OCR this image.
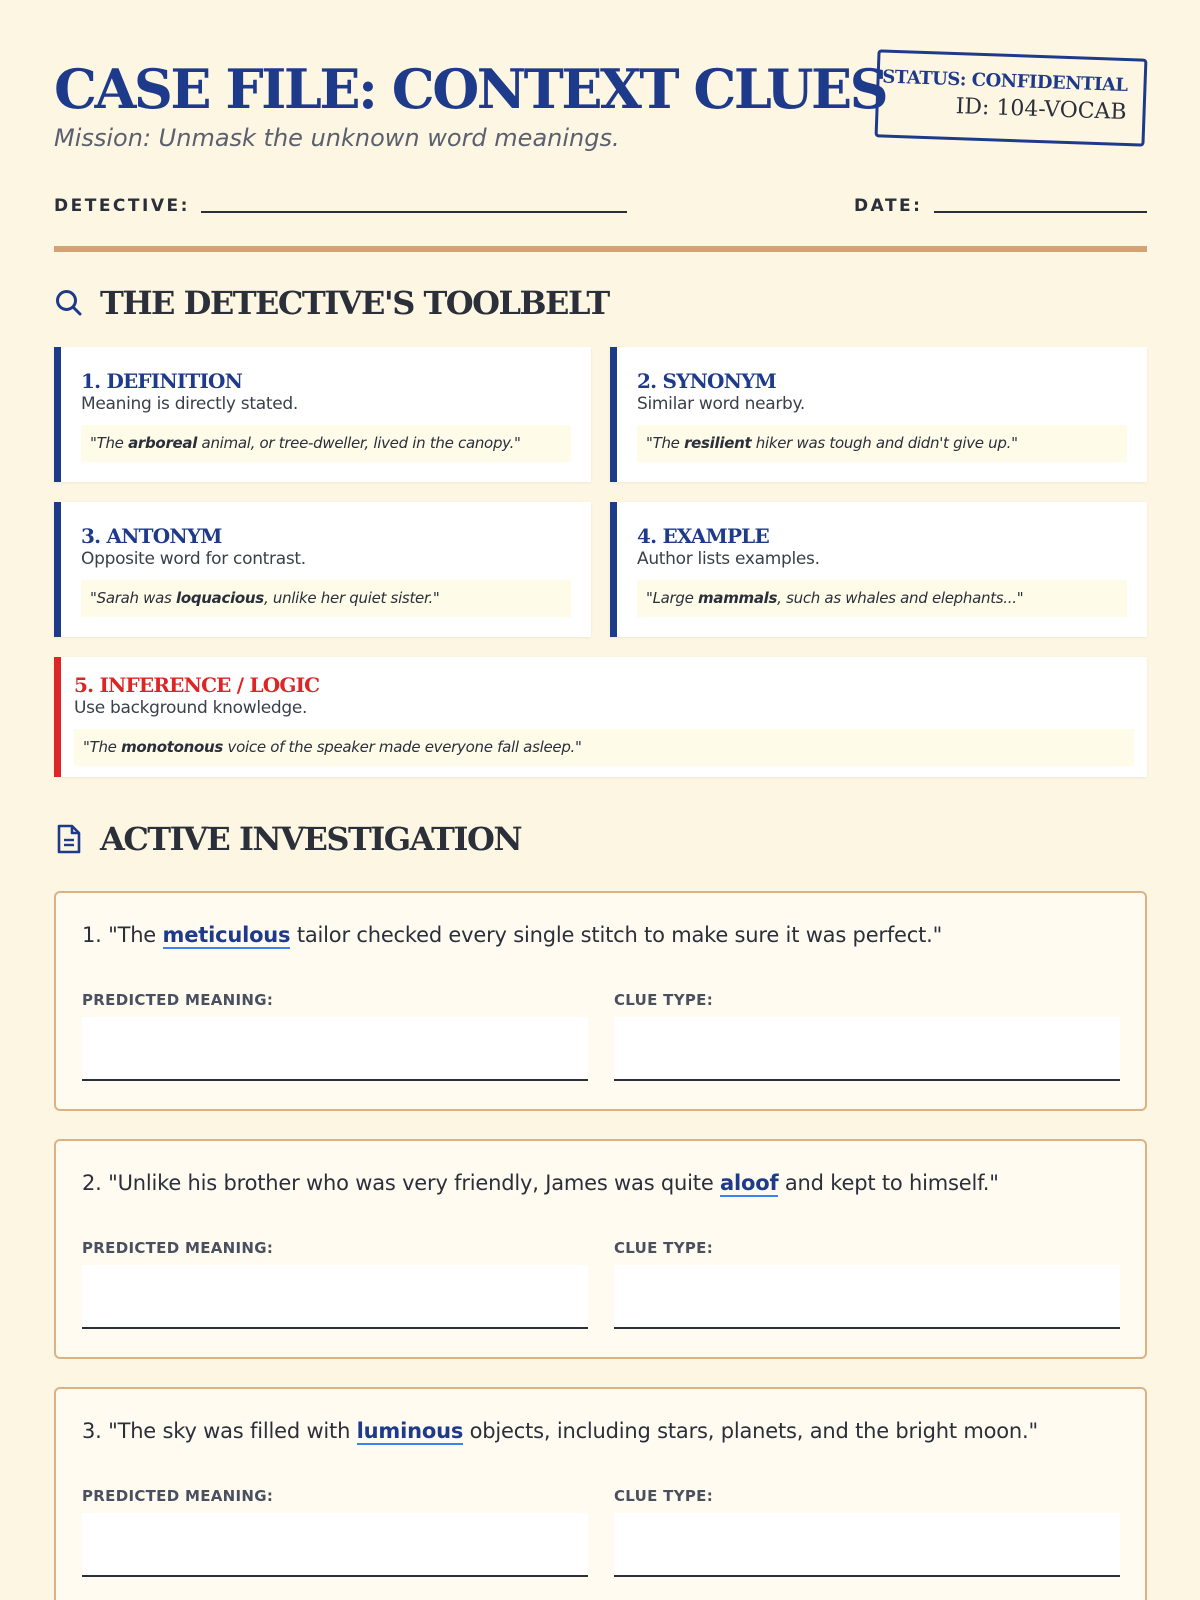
CASE FILE: CONTEXT CLUES
Mission: Unmask the unknown word meanings.
STATUS: CONFIDENTIAL
ID: 104-VOCAB
DETECTIVE:	DATE:
THE DETECTIVE'S TOOLBELT
1. DEFINITION
Meaning is directly stated.
"The arboreal animal, or tree-dweller, lived in the canopy."
2. SYNONYM
Similar word nearby.
"The resilient hiker was tough and didn't give up."
3. ANTONYM
Opposite word for contrast.
"Sarah was loquacious, unlike her quiet sister."
4. EXAMPLE
Author lists examples.
"Large mammals, such as whales and elephants..."
5. INFERENCE / LOGIC
Use background knowledge.
"The monotonous voice of the speaker made everyone fall asleep."
ACTIVE INVESTIGATION
1. "The meticulous tailor checked every single stitch to make sure it was perfect."
PREDICTED MEANING:	CLUE TYPE:
2. "Unlike his brother who was very friendly, James was quite aloof and kept to himself."
PREDICTED MEANING:	CLUE TYPE:
3. "The sky was filled with luminous objects, including stars, planets, and the bright moon."
PREDICTED MEANING:	CLUE TYPE:
